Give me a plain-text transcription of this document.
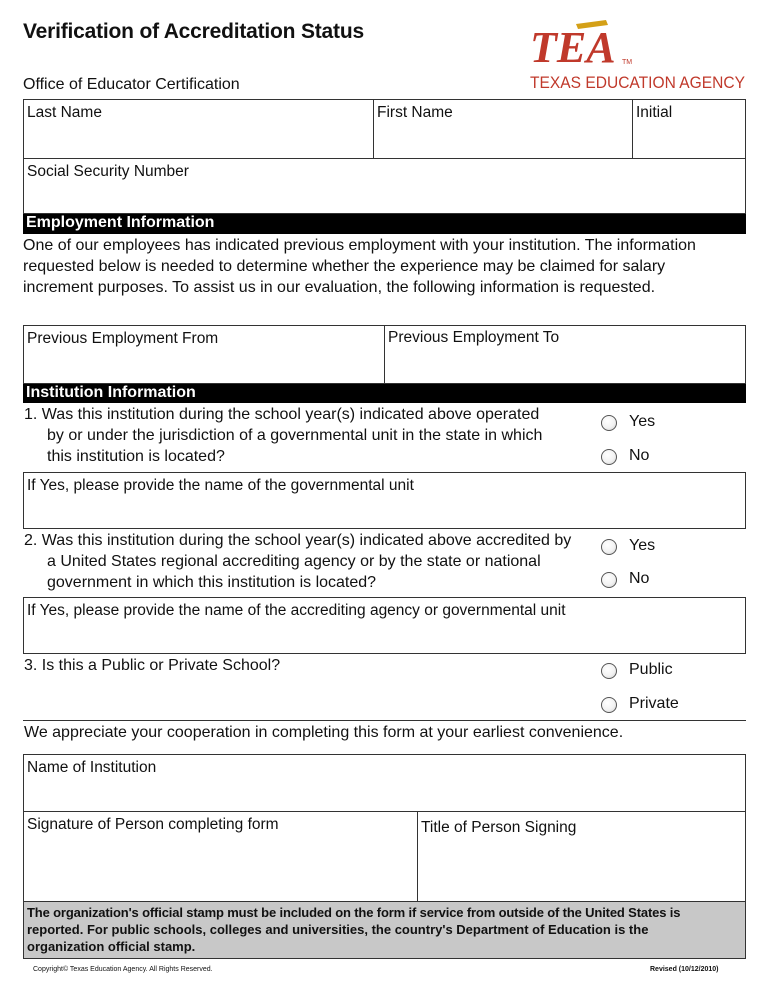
Verification of Accreditation Status
Office of Educator Certification
TEA TM
TEXAS EDUCATION AGENCY
Last Name	First Name	Initial
Social Security Number
Employment Information
One of our employees has indicated previous employment with your institution. The information
requested below is needed to determine whether the experience may be claimed for salary
increment purposes. To assist us in our evaluation, the following information is requested.
Previous Employment From	Previous Employment To
Institution Information
1. Was this institution during the school year(s) indicated above operated
by or under the jurisdiction of a governmental unit in the state in which
this institution is located?
Yes
No
If Yes, please provide the name of the governmental unit
2. Was this institution during the school year(s) indicated above accredited by
a United States regional accrediting agency or by the state or national
government in which this institution is located?
Yes
No
If Yes, please provide the name of the accrediting agency or governmental unit
3. Is this a Public or Private School?	Public
Private
We appreciate your cooperation in completing this form at your earliest convenience.
Name of Institution
Signature of Person completing form	Title of Person Signing
The organization's official stamp must be included on the form if service from outside of the United States is
reported. For public schools, colleges and universities, the country's Department of Education is the
organization official stamp.
Copyright© Texas Education Agency. All Rights Reserved.	Revised (10/12/2010)
